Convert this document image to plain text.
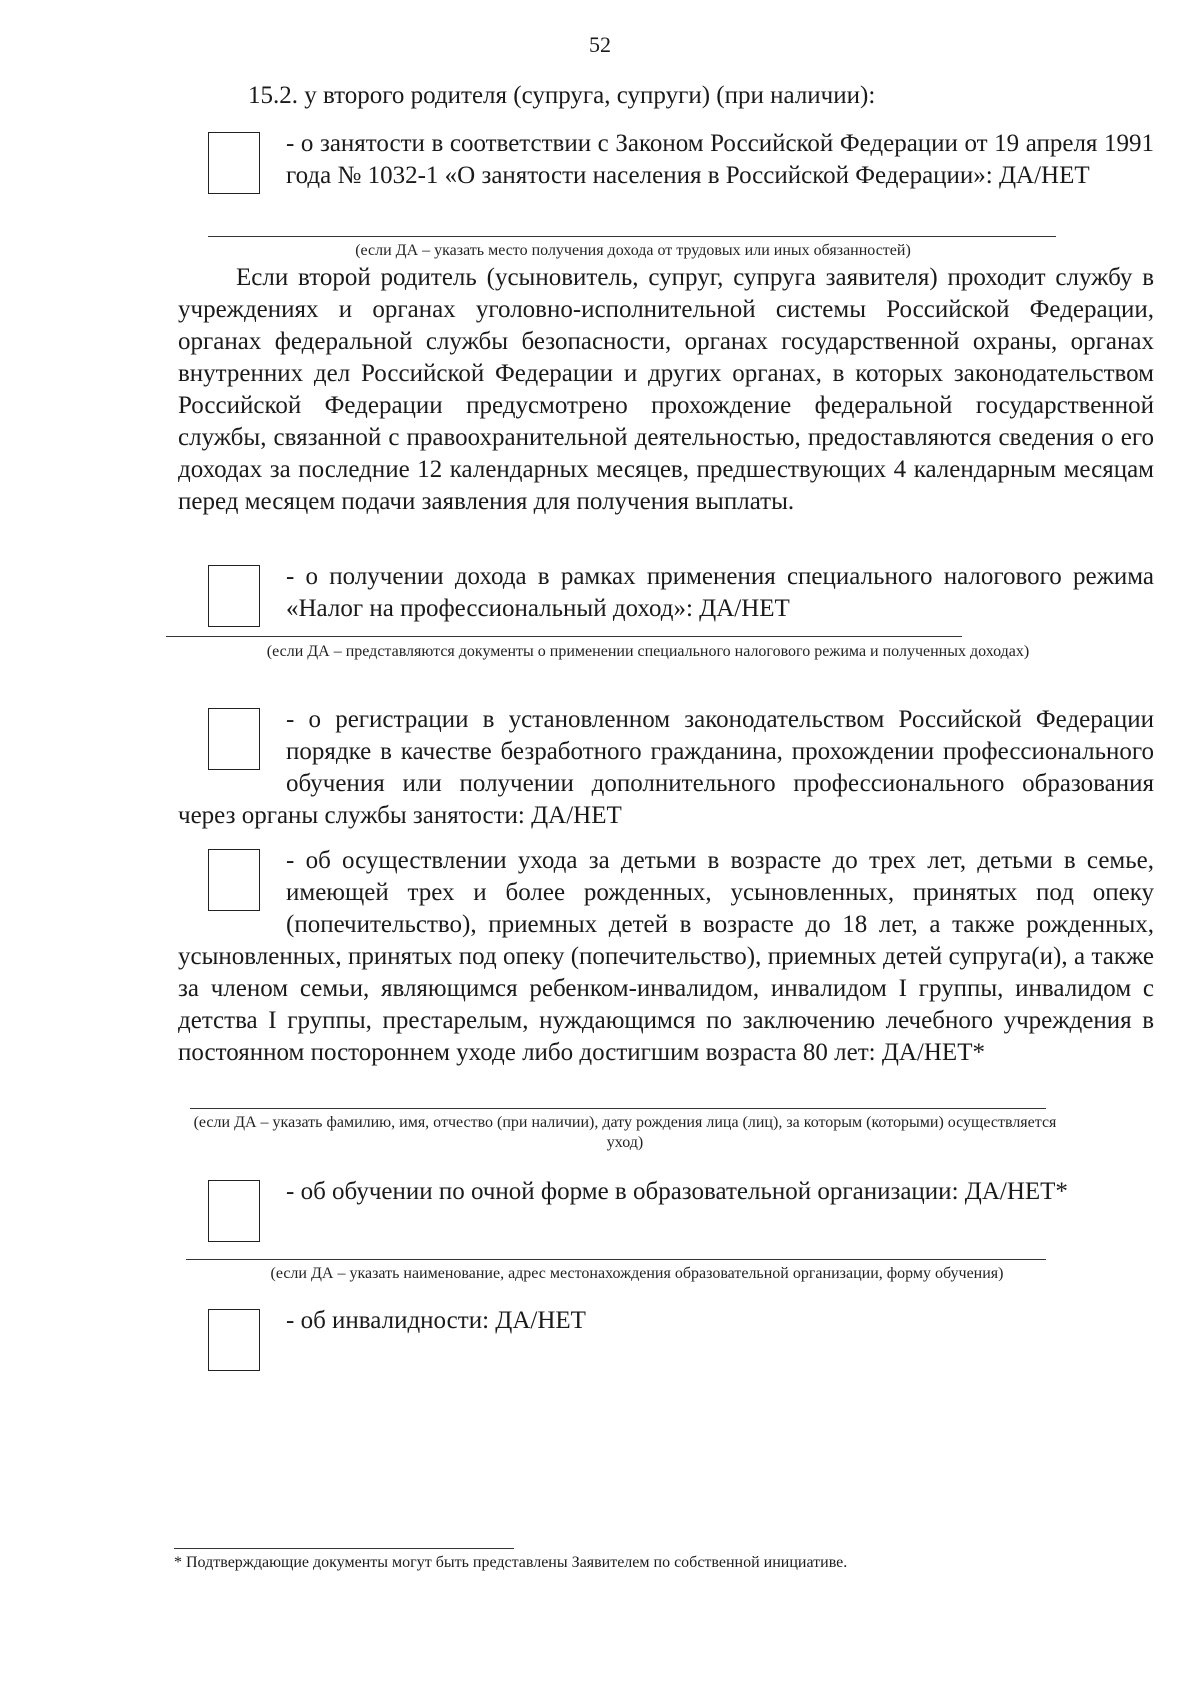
52
15.2. у второго родителя (супруга, супруги) (при наличии):
- о занятости в соответствии с Законом Российской Федерации от 19 апреля 1991 года № 1032-1 «О занятости населения в Российской Федерации»: ДА/НЕТ
(если ДА – указать место получения дохода от трудовых или иных обязанностей)
Если второй родитель (усыновитель, супруг, супруга заявителя) проходит службу в учреждениях и органах уголовно-исполнительной системы Российской Федерации, органах федеральной службы безопасности, органах государственной охраны, органах внутренних дел Российской Федерации и других органах, в которых законодательством Российской Федерации предусмотрено прохождение федеральной государственной службы, связанной с правоохранительной деятельностью, предоставляются сведения о его доходах за последние 12 календарных месяцев, предшествующих 4 календарным месяцам перед месяцем подачи заявления для получения выплаты.
- о получении дохода в рамках применения специального налогового режима «Налог на профессиональный доход»: ДА/НЕТ
(если ДА – представляются документы о применении специального налогового режима и полученных доходах)
- о регистрации в установленном законодательством Российской Федерации порядке в качестве безработного гражданина, прохождении профессионального обучения или получении дополнительного профессионального образования через органы службы занятости: ДА/НЕТ
- об осуществлении ухода за детьми в возрасте до трех лет, детьми в семье, имеющей трех и более рожденных, усыновленных, принятых под опеку (попечительство), приемных детей в возрасте до 18 лет, а также рожденных, усыновленных, принятых под опеку (попечительство), приемных детей супруга(и), а также за членом семьи, являющимся ребенком-инвалидом, инвалидом I группы, инвалидом с детства I группы, престарелым, нуждающимся по заключению лечебного учреждения в постоянном постороннем уходе либо достигшим возраста 80 лет: ДА/НЕТ*
(если ДА – указать фамилию, имя, отчество (при наличии), дату рождения лица (лиц), за которым (которыми) осуществляется уход)
- об обучении по очной форме в образовательной организации: ДА/НЕТ*
(если ДА – указать наименование, адрес местонахождения образовательной организации, форму обучения)
- об инвалидности: ДА/НЕТ
* Подтверждающие документы могут быть представлены Заявителем по собственной инициативе.
